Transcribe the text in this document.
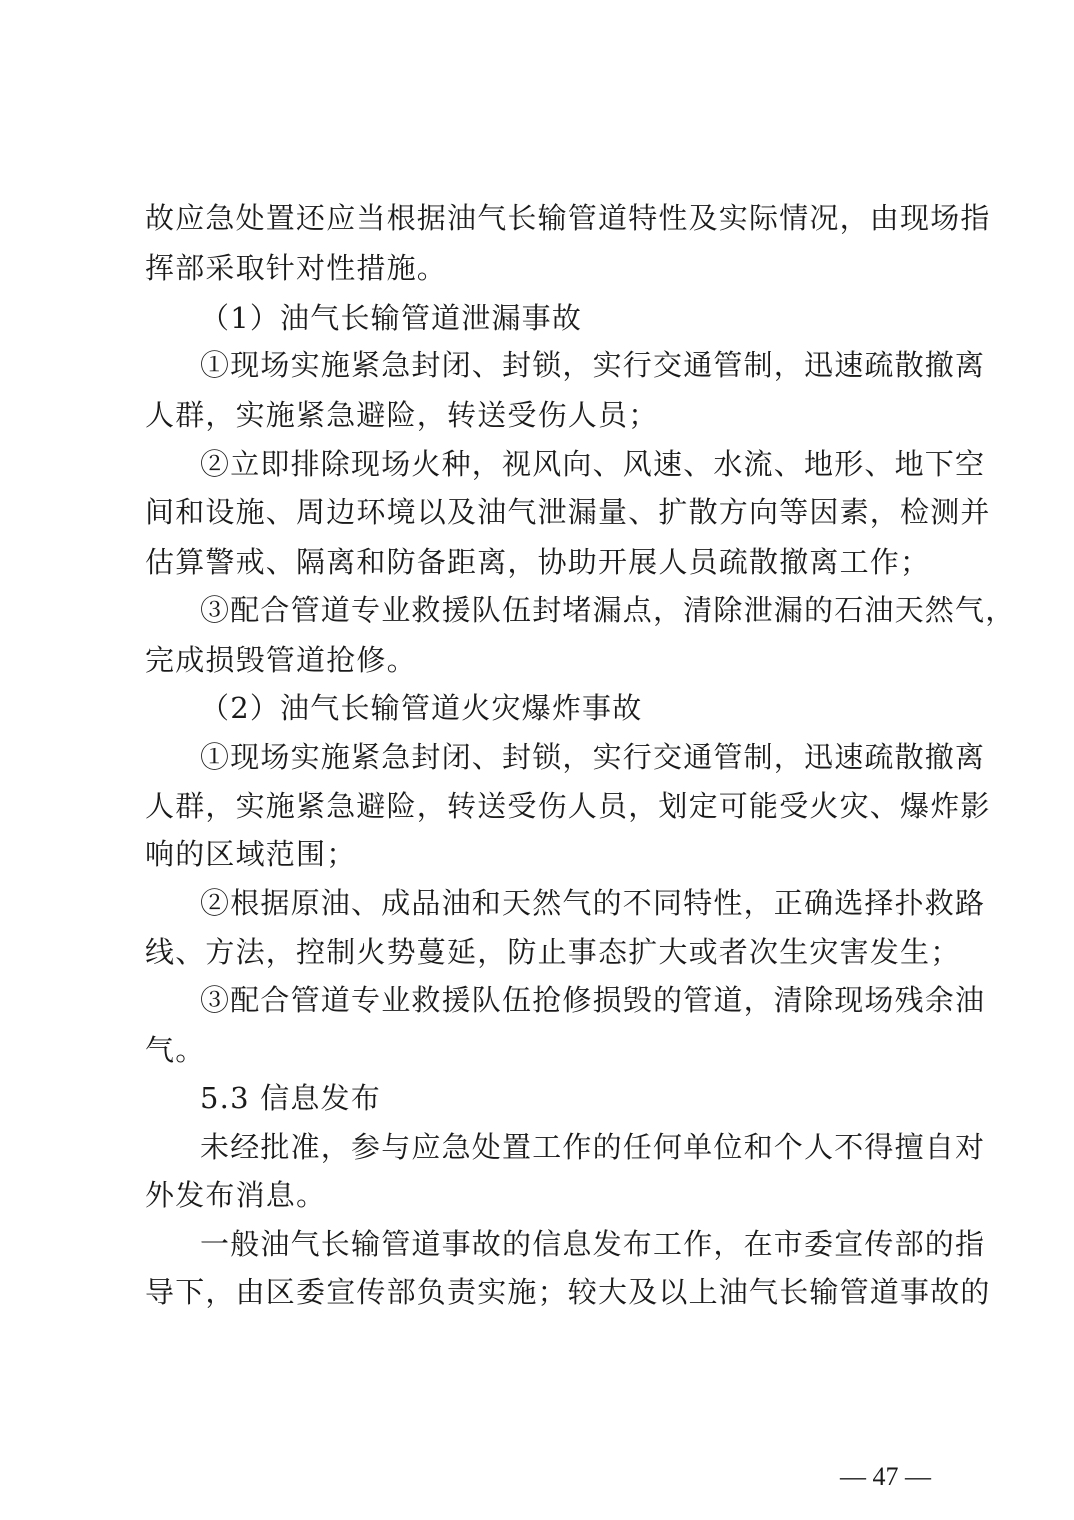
故应急处置还应当根据油气长输管道特性及实际情况，由现场指
挥部采取针对性措施。
（1）油气长输管道泄漏事故
①现场实施紧急封闭、封锁，实行交通管制，迅速疏散撤离
人群，实施紧急避险，转送受伤人员；
②立即排除现场火种，视风向、风速、水流、地形、地下空
间和设施、周边环境以及油气泄漏量、扩散方向等因素，检测并
估算警戒、隔离和防备距离，协助开展人员疏散撤离工作；
③配合管道专业救援队伍封堵漏点，清除泄漏的石油天然气，
完成损毁管道抢修。
（2）油气长输管道火灾爆炸事故
①现场实施紧急封闭、封锁，实行交通管制，迅速疏散撤离
人群，实施紧急避险，转送受伤人员，划定可能受火灾、爆炸影
响的区域范围；
②根据原油、成品油和天然气的不同特性，正确选择扑救路
线、方法，控制火势蔓延，防止事态扩大或者次生灾害发生；
③配合管道专业救援队伍抢修损毁的管道，清除现场残余油
气。
5.3 信息发布
未经批准，参与应急处置工作的任何单位和个人不得擅自对
外发布消息。
一般油气长输管道事故的信息发布工作，在市委宣传部的指
导下，由区委宣传部负责实施；较大及以上油气长输管道事故的
— 47 —
